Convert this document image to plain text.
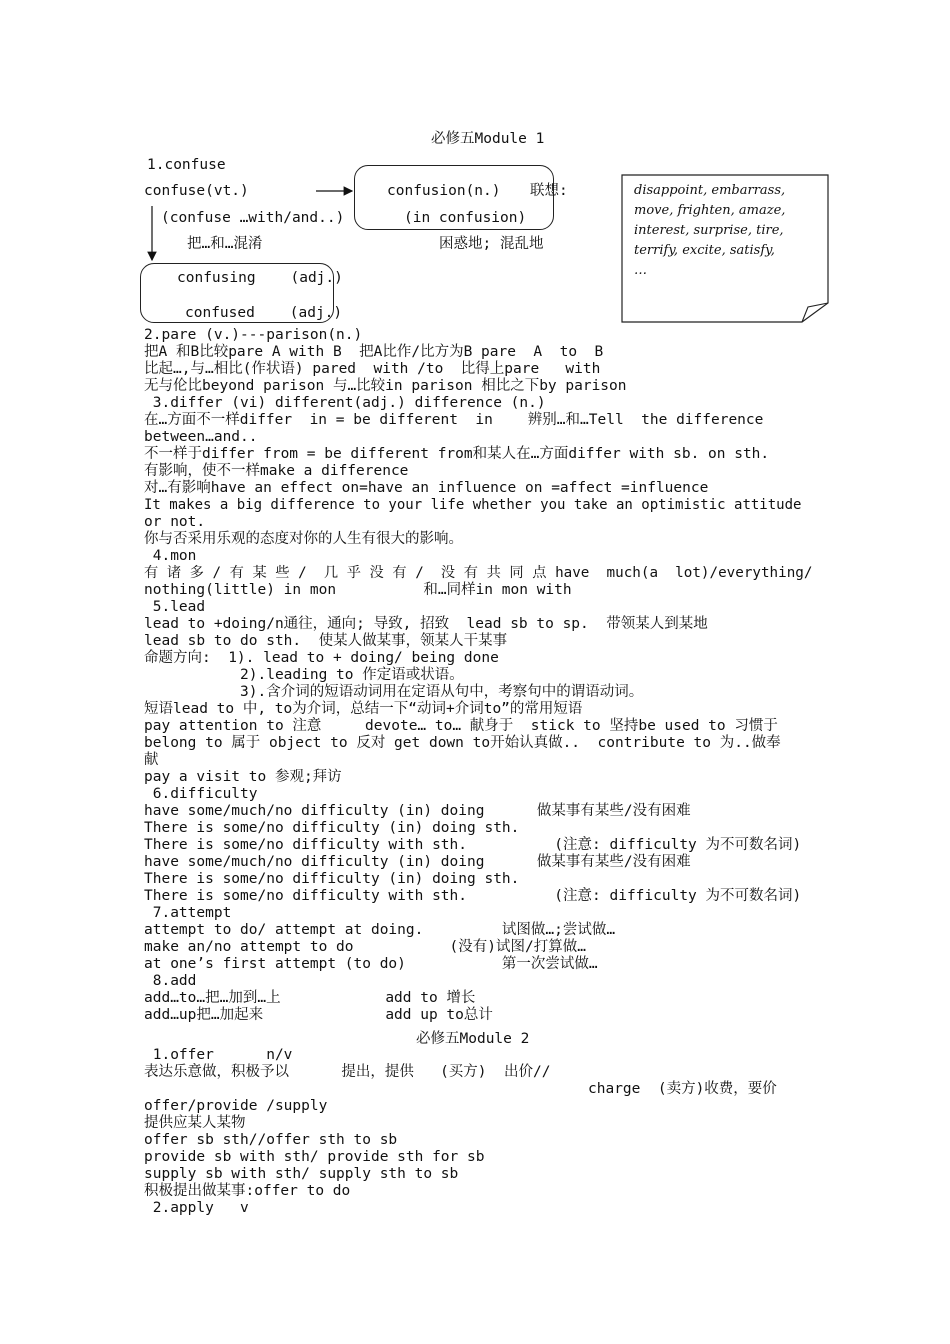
必修五Module 1
1.confuse
confuse(vt.)
(confuse …with/and..)
把…和…混淆
confusion(n.)
(in confusion)
困惑地; 混乱地
联想:
confusing    (adj.)
confused    (adj.)
disappoint, embarrass,
move, frighten, amaze,
interest, surprise, tire,
terrify, excite, satisfy,
…
2.pare (v.)---parison(n.)
把A 和B比较pare A with B  把A比作/比方为B pare  A  to  B
比起…,与…相比(作状语) pared  with /to  比得上pare   with
无与伦比beyond parison 与…比较in parison 相比之下by parison
3.differ (vi) different(adj.) difference (n.)
在…方面不一样differ  in = be different  in    辨别…和…Tell  the difference
between…and..
不一样于differ from = be different from和某人在…方面differ with sb. on sth.
有影响，使不一样make a difference
对…有影响have an effect on=have an influence on =affect =influence
It makes a big difference to your life whether you take an optimistic attitude
or not.
你与否采用乐观的态度对你的人生有很大的影响。
4.mon
有 诸 多 / 有 某 些 /  几 乎 没 有 /  没 有 共 同 点 have  much(a  lot)/everything/
nothing(little) in mon          和…同样in mon with
5.lead
lead to +doing/n通往，通向; 导致, 招致  lead sb to sp.  带领某人到某地
lead sb to do sth.  使某人做某事，领某人干某事
命题方向:  1). lead to + doing/ being done
2).leading to 作定语或状语。
3).含介词的短语动词用在定语从句中，考察句中的谓语动词。
短语lead to 中, to为介词，总结一下“动词+介词to”的常用短语
pay attention to 注意     devote… to… 献身于  stick to 坚持be used to 习惯于
belong to 属于 object to 反对 get down to开始认真做..  contribute to 为..做奉
献
pay a visit to 参观;拜访
6.difficulty
have some/much/no difficulty (in) doing      做某事有某些/没有困难
There is some/no difficulty (in) doing sth.
There is some/no difficulty with sth.          (注意: difficulty 为不可数名词)
have some/much/no difficulty (in) doing      做某事有某些/没有困难
There is some/no difficulty (in) doing sth.
There is some/no difficulty with sth.          (注意: difficulty 为不可数名词)
7.attempt
attempt to do/ attempt at doing.         试图做…;尝试做…
make an/no attempt to do           (没有)试图/打算做…
at one’s first attempt (to do)           第一次尝试做…
8.add
add…to…把…加到…上            add to 增长
add…up把…加起来              add up to总计
必修五Module 2
1.offer      n/v
表达乐意做，积极予以      提出，提供   (买方)  出价//
charge  (卖方)收费，要价
offer/provide /supply
提供应某人某物
offer sb sth//offer sth to sb
provide sb with sth/ provide sth for sb
supply sb with sth/ supply sth to sb
积极提出做某事:offer to do
2.apply   v
